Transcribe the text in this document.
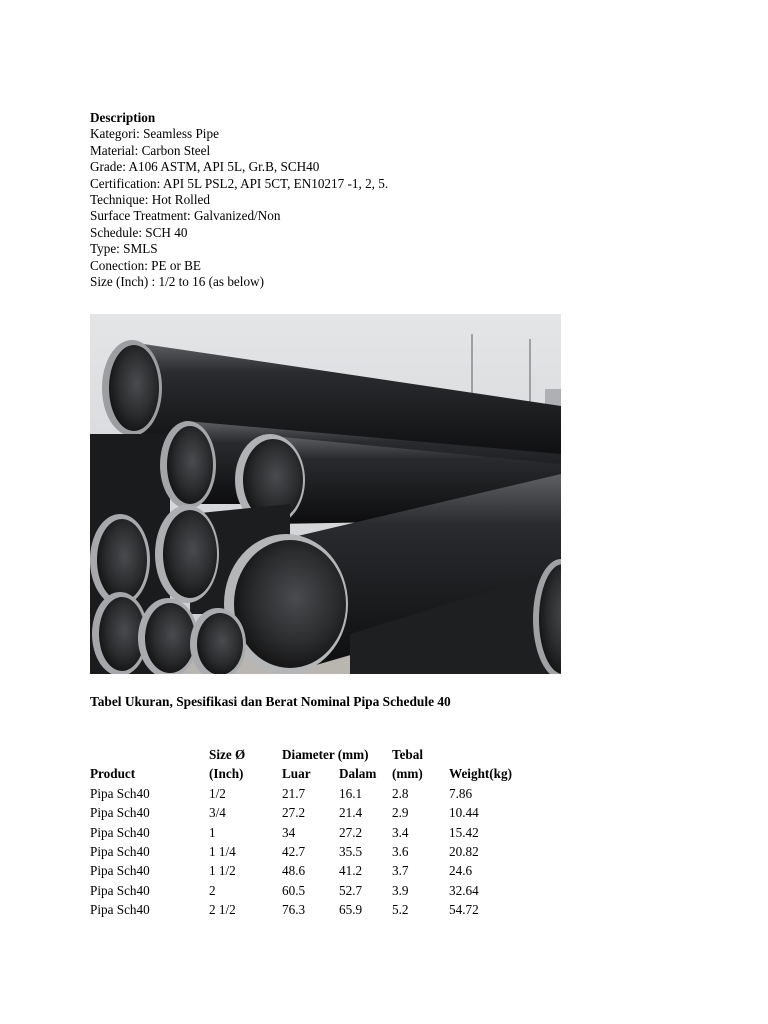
Description
Kategori: Seamless Pipe
Material: Carbon Steel
Grade: A106 ASTM, API 5L, Gr.B, SCH40
Certification: API 5L PSL2, API 5CT, EN10217 -1, 2, 5.
Technique: Hot Rolled
Surface Treatment: Galvanized/Non
Schedule: SCH 40
Type: SMLS
Conection: PE or BE
Size (Inch) : 1/2 to 16 (as below)
Tabel Ukuran, Spesifikasi dan Berat Nominal Pipa Schedule 40
	Size Ø	Diameter (mm)		Tebal	
Product	(Inch)	Luar	Dalam	(mm)	Weight(kg)
Pipa Sch40	1/2	21.7	16.1	2.8	7.86
Pipa Sch40	3/4	27.2	21.4	2.9	10.44
Pipa Sch40	1	34	27.2	3.4	15.42
Pipa Sch40	1 1/4	42.7	35.5	3.6	20.82
Pipa Sch40	1 1/2	48.6	41.2	3.7	24.6
Pipa Sch40	2	60.5	52.7	3.9	32.64
Pipa Sch40	2 1/2	76.3	65.9	5.2	54.72
